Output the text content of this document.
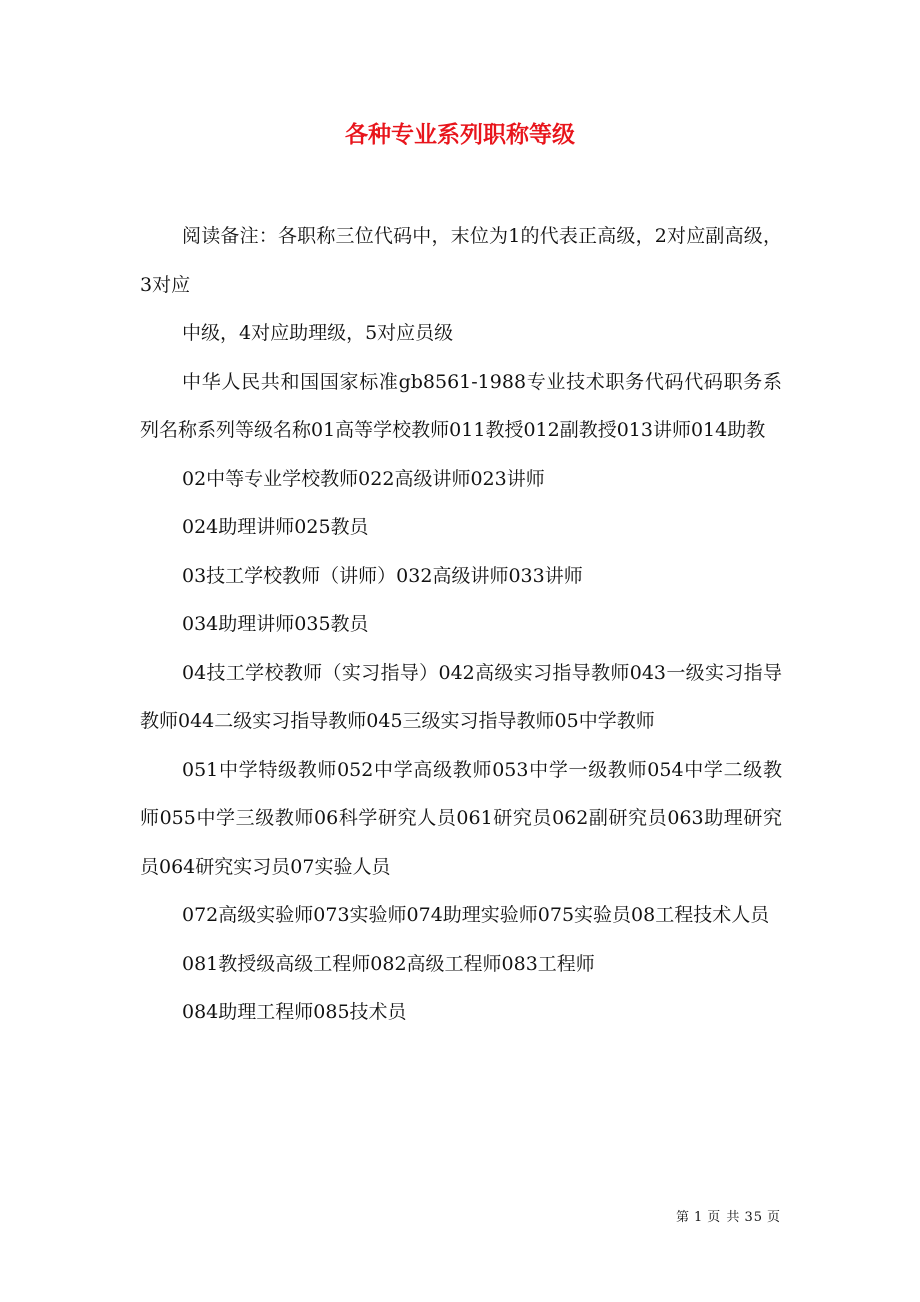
各种专业系列职称等级

阅读备注：各职称三位代码中，末位为1的代表正高级，2对应副高级，3对应

中级，4对应助理级，5对应员级

中华人民共和国国家标准gb8561-1988专业技术职务代码代码职务系列名称系列等级名称01高等学校教师011教授012副教授013讲师014助教

02中等专业学校教师022高级讲师023讲师

024助理讲师025教员

03技工学校教师（讲师）032高级讲师033讲师

034助理讲师035教员

04技工学校教师（实习指导）042高级实习指导教师043一级实习指导教师044二级实习指导教师045三级实习指导教师05中学教师

051中学特级教师052中学高级教师053中学一级教师054中学二级教师055中学三级教师06科学研究人员061研究员062副研究员063助理研究员064研究实习员07实验人员

072高级实验师073实验师074助理实验师075实验员08工程技术人员

081教授级高级工程师082高级工程师083工程师

084助理工程师085技术员

第 1 页 共 35 页
